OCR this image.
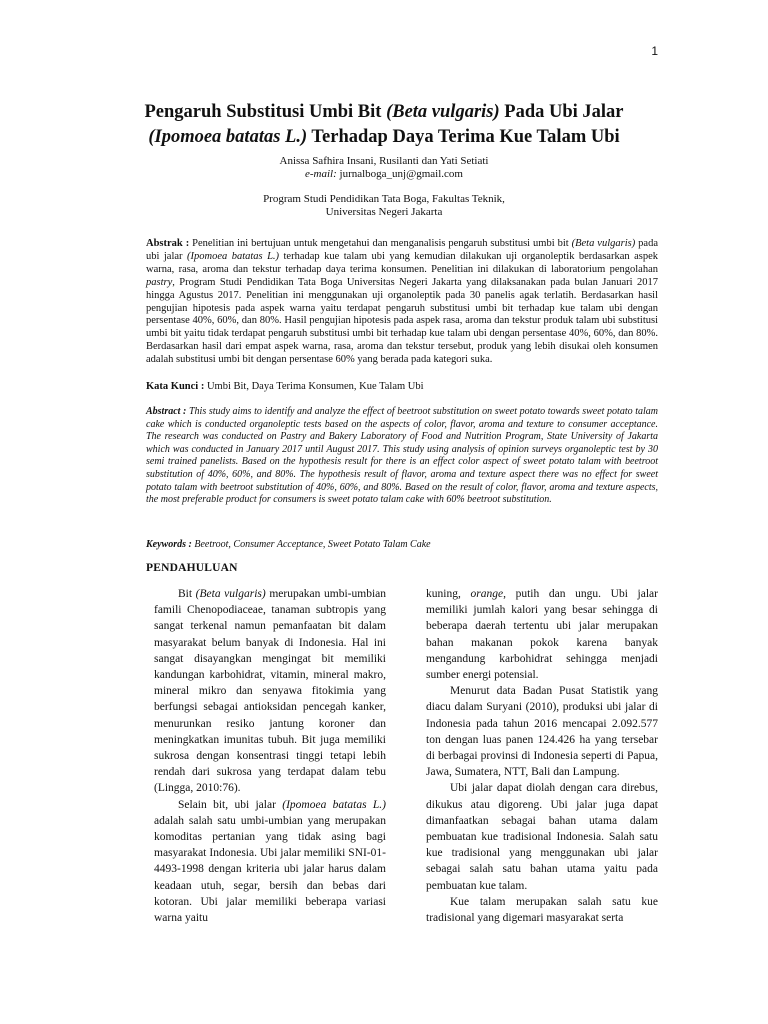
1
Pengaruh Substitusi Umbi Bit (Beta vulgaris) Pada Ubi Jalar
(Ipomoea batatas L.) Terhadap Daya Terima Kue Talam Ubi
Anissa Safhira Insani, Rusilanti dan Yati Setiati
e-mail: jurnalboga_unj@gmail.com
Program Studi Pendidikan Tata Boga, Fakultas Teknik,
Universitas Negeri Jakarta
Abstrak : Penelitian ini bertujuan untuk mengetahui dan menganalisis pengaruh substitusi umbi bit (Beta vulgaris) pada ubi jalar (Ipomoea batatas L.) terhadap kue talam ubi yang kemudian dilakukan uji organoleptik berdasarkan aspek warna, rasa, aroma dan tekstur terhadap daya terima konsumen. Penelitian ini dilakukan di laboratorium pengolahan pastry, Program Studi Pendidikan Tata Boga Universitas Negeri Jakarta yang dilaksanakan pada bulan Januari 2017 hingga Agustus 2017. Penelitian ini menggunakan uji organoleptik pada 30 panelis agak terlatih. Berdasarkan hasil pengujian hipotesis pada aspek warna yaitu terdapat pengaruh substitusi umbi bit terhadap kue talam ubi dengan persentase 40%, 60%, dan 80%. Hasil pengujian hipotesis pada aspek rasa, aroma dan tekstur produk talam ubi substitusi umbi bit yaitu tidak terdapat pengaruh substitusi umbi bit terhadap kue talam ubi dengan persentase 40%, 60%, dan 80%. Berdasarkan hasil dari empat aspek warna, rasa, aroma dan tekstur tersebut, produk yang lebih disukai oleh konsumen adalah substitusi umbi bit dengan persentase 60% yang berada pada kategori suka.
Kata Kunci : Umbi Bit, Daya Terima Konsumen, Kue Talam Ubi
Abstract : This study aims to identify and analyze the effect of beetroot substitution on sweet potato towards sweet potato talam cake which is conducted organoleptic tests based on the aspects of color, flavor, aroma and texture to consumer acceptance. The research was conducted on Pastry and Bakery Laboratory of Food and Nutrition Program, State University of Jakarta which was conducted in January 2017 until August 2017. This study using analysis of opinion surveys organoleptic test by 30 semi trained panelists. Based on the hypothesis result for there is an effect color aspect of sweet potato talam with beetroot substitution of 40%, 60%, and 80%. The hypothesis result of flavor, aroma and texture aspect there was no effect for sweet potato talam with beetroot substitution of 40%, 60%, and 80%. Based on the result of color, flavor, aroma and texture aspects, the most preferable product for consumers is sweet potato talam cake with 60% beetroot substitution.
Keywords : Beetroot, Consumer Acceptance, Sweet Potato Talam Cake
PENDAHULUAN

Bit (Beta vulgaris) merupakan umbi-umbian famili Chenopodiaceae, tanaman subtropis yang sangat terkenal namun pemanfaatan bit dalam masyarakat belum banyak di Indonesia. Hal ini sangat disayangkan mengingat bit memiliki kandungan karbohidrat, vitamin, mineral makro, mineral mikro dan senyawa fitokimia yang berfungsi sebagai antioksidan pencegah kanker, menurunkan resiko jantung koroner dan meningkatkan imunitas tubuh. Bit juga memiliki sukrosa dengan konsentrasi tinggi tetapi lebih rendah dari sukrosa yang terdapat dalam tebu (Lingga, 2010:76).

Selain bit, ubi jalar (Ipomoea batatas L.) adalah salah satu umbi-umbian yang merupakan komoditas pertanian yang tidak asing bagi masyarakat Indonesia. Ubi jalar memiliki SNI-01-4493-1998 dengan kriteria ubi jalar harus dalam keadaan utuh, segar, bersih dan bebas dari kotoran. Ubi jalar memiliki beberapa variasi warna yaitu

kuning, orange, putih dan ungu. Ubi jalar memiliki jumlah kalori yang besar sehingga di beberapa daerah tertentu ubi jalar merupakan bahan makanan pokok karena banyak mengandung karbohidrat sehingga menjadi sumber energi potensial.

Menurut data Badan Pusat Statistik yang diacu dalam Suryani (2010), produksi ubi jalar di Indonesia pada tahun 2016 mencapai 2.092.577 ton dengan luas panen 124.426 ha yang tersebar di berbagai provinsi di Indonesia seperti di Papua, Jawa, Sumatera, NTT, Bali dan Lampung.

Ubi jalar dapat diolah dengan cara direbus, dikukus atau digoreng. Ubi jalar juga dapat dimanfaatkan sebagai bahan utama dalam pembuatan kue tradisional Indonesia. Salah satu kue tradisional yang menggunakan ubi jalar sebagai salah satu bahan utama yaitu pada pembuatan kue talam.

Kue talam merupakan salah satu kue tradisional yang digemari masyarakat serta
